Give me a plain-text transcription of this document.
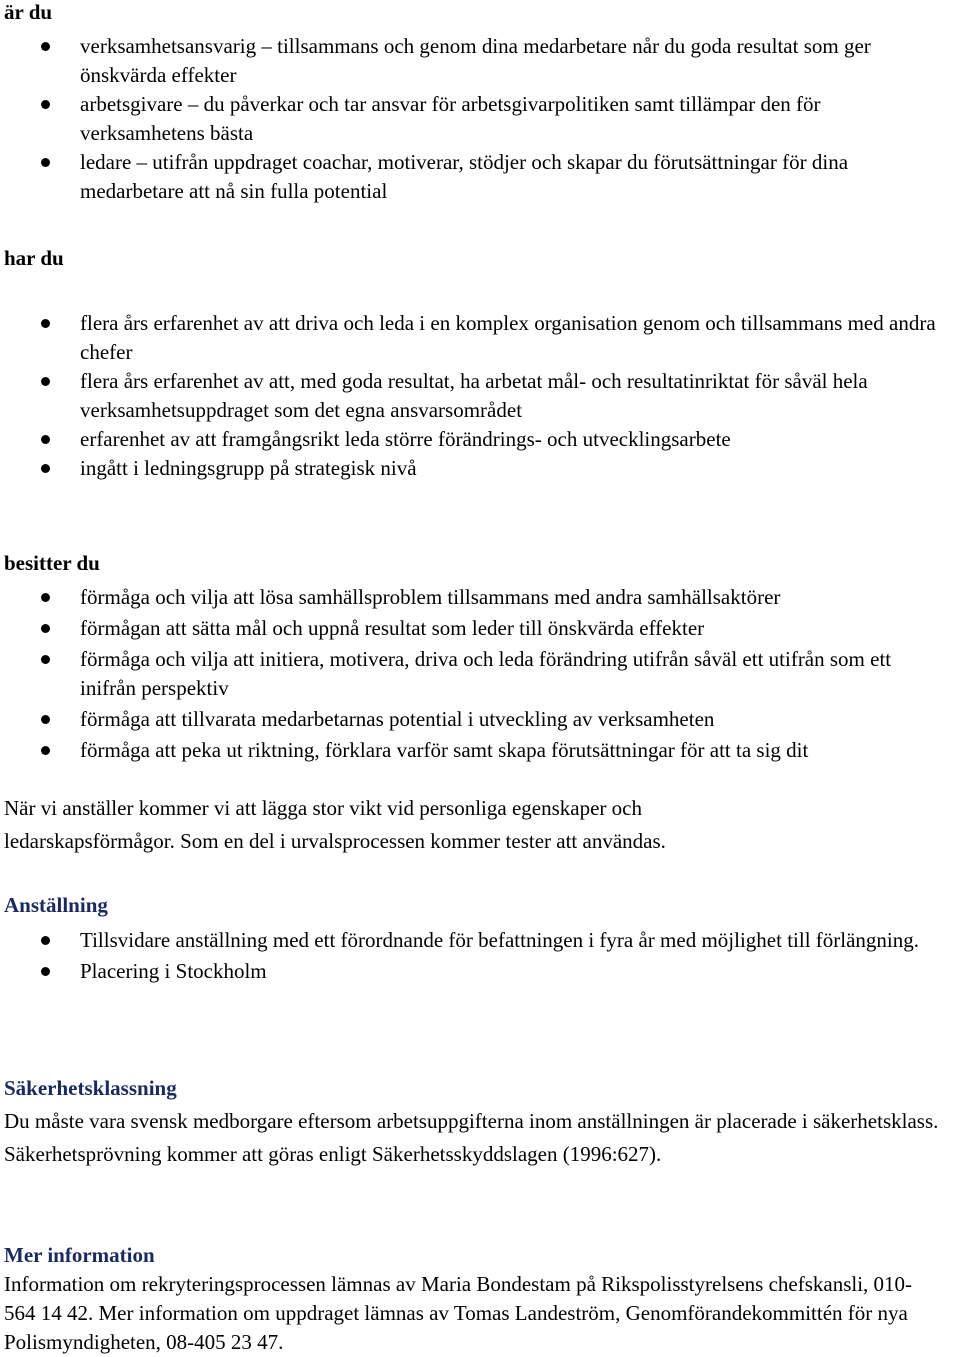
är du
verksamhetsansvarig – tillsammans och genom dina medarbetare når du goda resultat som ger önskvärda effekter
arbetsgivare – du påverkar och tar ansvar för arbetsgivarpolitiken samt tillämpar den för verksamhetens bästa
ledare – utifrån uppdraget coachar, motiverar, stödjer och skapar du förutsättningar för dina medarbetare att nå sin fulla potential
har du
flera års erfarenhet av att driva och leda i en komplex organisation genom och tillsammans med andra chefer
flera års erfarenhet av att, med goda resultat, ha arbetat mål- och resultatinriktat för såväl hela verksamhetsuppdraget som det egna ansvarsområdet
erfarenhet av att framgångsrikt leda större förändrings- och utvecklingsarbete
ingått i ledningsgrupp på strategisk nivå
besitter du
förmåga och vilja att lösa samhällsproblem tillsammans med andra samhällsaktörer
förmågan att sätta mål och uppnå resultat som leder till önskvärda effekter
förmåga och vilja att initiera, motivera, driva och leda förändring utifrån såväl ett utifrån som ett inifrån perspektiv
förmåga att tillvarata medarbetarnas potential i utveckling av verksamheten
förmåga att peka ut riktning, förklara varför samt skapa förutsättningar för att ta sig dit

När vi anställer kommer vi att lägga stor vikt vid personliga egenskaper och ledarskapsförmågor. Som en del i urvalsprocessen kommer tester att användas.

Anställning
Tillsvidare anställning med ett förordnande för befattningen i fyra år med möjlighet till förlängning.
Placering i Stockholm
Säkerhetsklassning

Du måste vara svensk medborgare eftersom arbetsuppgifterna inom anställningen är placerade i säkerhetsklass. Säkerhetsprövning kommer att göras enligt Säkerhetsskyddslagen (1996:627).

Mer information

Information om rekryteringsprocessen lämnas av Maria Bondestam på Rikspolisstyrelsens chefskansli, 010-564 14 42. Mer information om uppdraget lämnas av Tomas Landeström, Genomförandekommittén för nya Polismyndigheten, 08-405 23 47.
